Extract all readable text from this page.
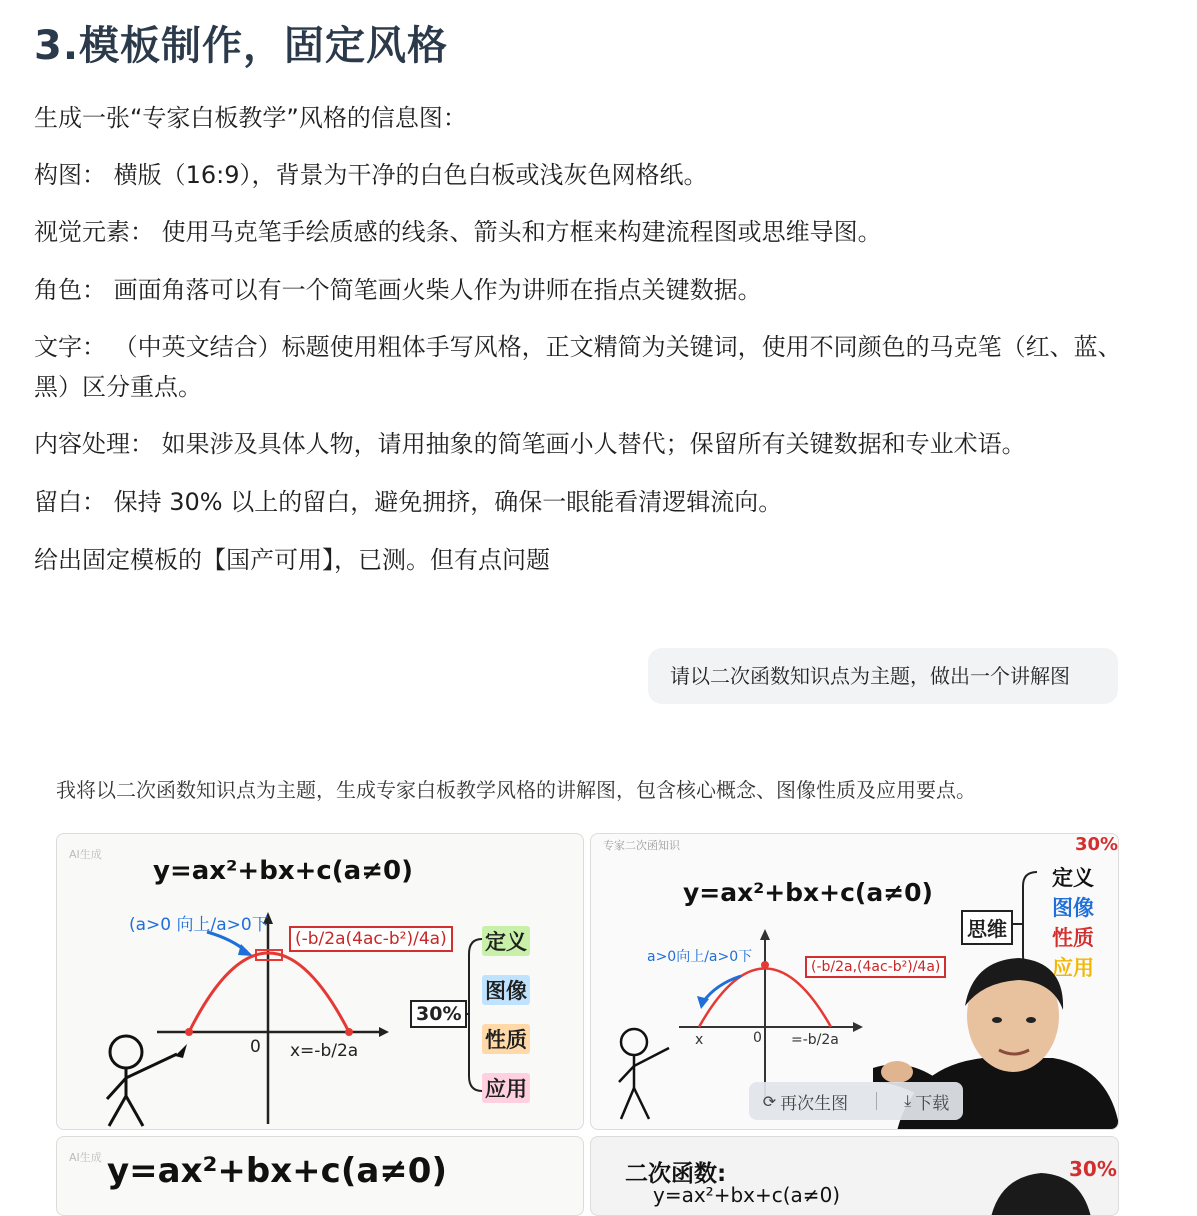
3.模板制作，固定风格
生成一张“专家白板教学”风格的信息图：
构图： 横版（16:9），背景为干净的白色白板或浅灰色网格纸。
视觉元素： 使用马克笔手绘质感的线条、箭头和方框来构建流程图或思维导图。
角色： 画面角落可以有一个简笔画火柴人作为讲师在指点关键数据。
文字： （中英文结合）标题使用粗体手写风格，正文精简为关键词，使用不同颜色的马克笔（红、蓝、黑）区分重点。
内容处理： 如果涉及具体人物，请用抽象的简笔画小人替代；保留所有关键数据和专业术语。
留白： 保持 30% 以上的留白，避免拥挤，确保一眼能看清逻辑流向。
给出固定模板的【国产可用】，已测。但有点问题
请以二次函数知识点为主题，做出一个讲解图
我将以二次函数知识点为主题，生成专家白板教学风格的讲解图，包含核心概念、图像性质及应用要点。
AI生成
y=ax²+bx+c(a≠0)
(a>0 向上/a>0下
(-b/2a(4ac-b²)/4a)
0 x=-b/2a
30%
定义
图像
性质
应用
专家二次函知识	30%
y=ax²+bx+c(a≠0)
思维
定义
图像
性质
应用
a>0向上/a>0下
(-b/2a,(4ac-b²)/4a)
x	0 =-b/2a
⟳ 再次生图	⤓ 下载
AI生成 y=ax²+bx+c(a≠0)	二次函数:
y=ax²+bx+c(a≠0)
30%
